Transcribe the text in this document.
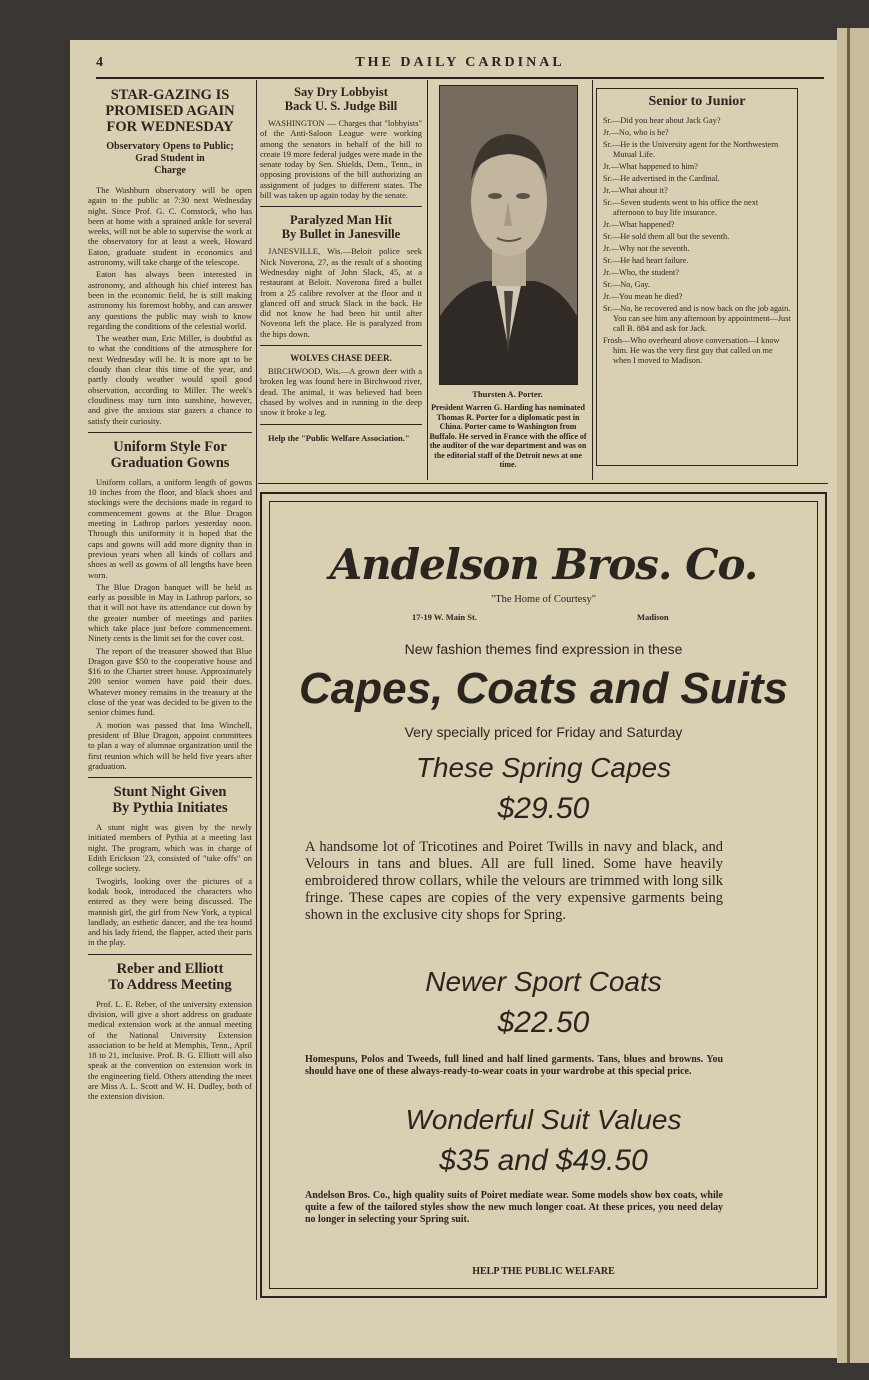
4	THE DAILY CARDINAL
STAR-GAZING IS
PROMISED AGAIN
FOR WEDNESDAY
Observatory Opens to Public;
Grad Student in
Charge

The Washburn observatory will be open again to the public at 7:30 next Wednesday night. Since Prof. G. C. Comstock, who has been at home with a sprained ankle for several weeks, will not be able to supervise the work at the observatory for at least a week, Howard Eaton, graduate student in economics and astronomy, will take charge of the telescope.

Eaton has always been interested in astronomy, and although his chief interest has been in the economic field, he is still making astronomy his foremost hobby, and can answer any questions the public may wish to know regarding the conditions of the celestial world.

The weather man, Eric Miller, is doubtful as to what the conditions of the atmosphere for next Wednesday will be. It is more apt to be cloudy than clear this time of the year, and partly cloudy weather would spoil good observation, according to Miller. The week's cloudiness may turn into sunshine, however, and give the anxious star gazers a chance to satisfy their curiosity.

Uniform Style For
Graduation Gowns

Uniform collars, a uniform length of gowns 10 inches from the floor, and black shoes and stockings were the decisions made in regard to commencement gowns at the Blue Dragon meeting in Lathrop parlors yesterday noon. Through this uniformity it is hoped that the caps and gowns will add more dignity than in previous years when all kinds of collars and shoes as well as gowns of all lengths have been worn.

The Blue Dragon banquet will be held as early as possible in May in Lathrop parlors, so that it will not have its attendance cut down by the greater number of meetings and parites which take place just before commencement. Ninety cents is the limit set for the cover cost.

The report of the treasurer showed that Blue Dragon gave $50 to the cooperative house and $16 to the Charter street house. Approximately 200 senior women have paid their dues. Whatever money remains in the treasury at the close of the year was decided to be given to the senior chimes fund.

A motion was passed that Ima Winchell, president of Blue Dragon, appoint committees to plan a way of alumnae organization until the first reunion which will be held five years after graduation.

Stunt Night Given
By Pythia Initiates

A stunt night was given by the newly initiated members of Pythia at a meeting last night. The program, which was in charge of Edith Erickson '23, consisted of "take offs" on college society.

Twogirls, looking over the pictures of a kodak book, introduced the characters who entered as they were being discussed. The mannish girl, the girl from New York, a typical landlady, an esthetic dancer, and the tea hound and his lady friend, the flapper, acted their parts in the play.

Reber and Elliott
To Address Meeting

Prof. L. E. Reber, of the university extension division, will give a short address on graduate medical extension work at the annual meeting of the National University Extension association to be held at Memphis, Tenn., April 18 to 21, inclusive. Prof. B. G. Elliott will also speak at the convention on extension work in the engineering field. Others attending the meet are Miss A. L. Scott and W. H. Dudley, both of the extension division.

Say Dry Lobbyist
Back U. S. Judge Bill

WASHINGTON — Charges that "lobbyists" of the Anti-Saloon League were working among the senators in behalf of the bill to create 19 more federal judges were made in the senate today by Sen. Shields, Dem., Tenn., in opposing provisions of the bill authorizing an assignment of judges to different states. The bill was taken up again today by the senate.

Paralyzed Man Hit
By Bullet in Janesville

JANESVILLE, Wis.—Beloit police seek Nick Noverona, 27, as the result of a shooting Wednesday night of John Slack, 45, at a restaurant at Beloit. Noverona fired a bullet from a 25 calibre revolver at the floor and it glanced off and struck Slack in the back. He did not know he had been hit until after Noveona left the place. He is paralyzed from the hips down.

WOLVES CHASE DEER.

BIRCHWOOD, Wis.—A grown deer with a broken leg was found here in Birchwood river, dead. The animal, it was believed had been chased by wolves and in running in the deep snow it broke a leg.

Help the "Public Welfare Association."

Thursten A. Porter.
President Warren G. Harding has nominated Thomas R. Porter for a diplomatic post in China. Porter came to Washington from Buffalo. He served in France with the office of the auditor of the war department and was on the editorial staff of the Detroit news at one time.
Senior to Junior
Sr.—Did you hear about Jack Gay?
Jr.—No, who is he?
Sr.—He is the University agent for the Northwestern Mutual Life.
Jr.—What happened to him?
Sr.—He advertised in the Cardinal.
Jr.—What about it?
Sr.—Seven students went to his office the next afternoon to buy life insurance.
Jr.—What happened?
Sr.—He sold them all but the seventh.
Jr.—Why not the seventh.
Sr.—He had heart failure.
Jr.—Who, the student?
Sr.—No, Gay.
Jr.—You mean he died?
Sr.—No, he recovered and is now back on the job again. You can see him any afternoon by appointment—Just call B. 884 and ask for Jack.
Frosh—Who overheard above conversation—I know him. He was the very first guy that called on me when I moved to Madison.
Andelson Bros. Co.
"The Home of Courtesy"
17-19 W. Main St.	Madison
New fashion themes find expression in these
Capes, Coats and Suits
Very specially priced for Friday and Saturday
These Spring Capes
$29.50
A handsome lot of Tricotines and Poiret Twills in navy and black, and Velours in tans and blues. All are full lined. Some have heavily embroidered throw collars, while the velours are trimmed with long silk fringe. These capes are copies of the very expensive garments being shown in the exclusive city shops for Spring.
Newer Sport Coats
$22.50
Homespuns, Polos and Tweeds, full lined and half lined garments. Tans, blues and browns. You should have one of these always-ready-to-wear coats in your wardrobe at this special price.
Wonderful Suit Values
$35 and $49.50
Andelson Bros. Co., high quality suits of Poiret mediate wear. Some models show box coats, while quite a few of the tailored styles show the new much longer coat. At these prices, you need delay no longer in selecting your Spring suit.
HELP THE PUBLIC WELFARE
